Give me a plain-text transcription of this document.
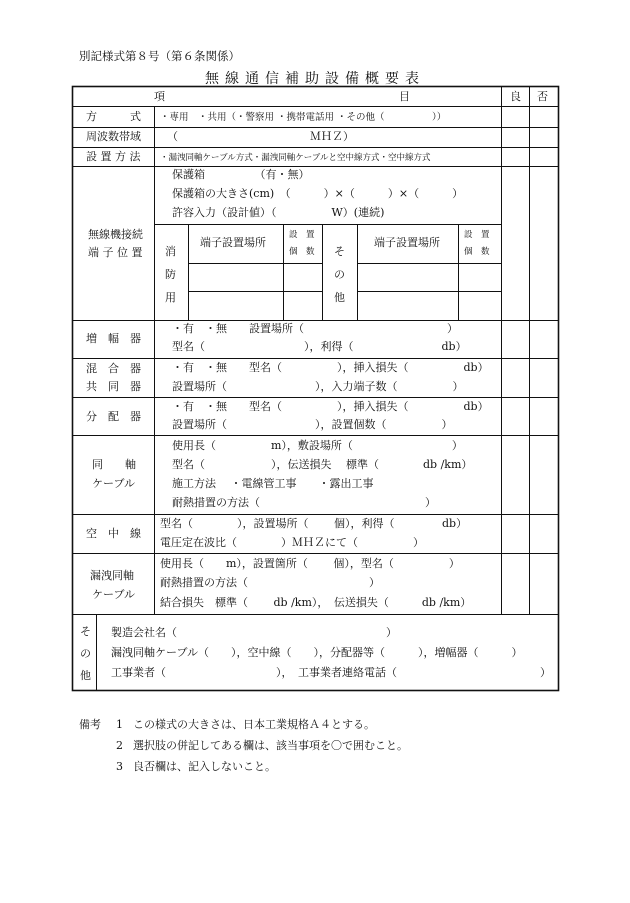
別記様式第８号（第６条関係）
無線通信補助設備概要表
項	目	良 否
方　　　式 ・専用　・共用（・警察用 ・携帯電話用 ・その他（　　　　　））
周波数帯域 （　　　　　　　　　　　　ＭＨＺ）
設 置 方 法 ・漏洩同軸ケーブル方式・漏洩同軸ケーブルと空中線方式・空中線方式
無線機接続
端 子 位 置
保護箱　　　　　（有・無）
保護箱の大きさ(cm)　（　　　）×（　　　）×（　　　）
許容入力（設計値）（　　　　　W）(連続)
消
防
用
端子設置場所
設　置
個　数 そ
の
他
端子設置場所
設　置
個　数
増　幅　器
・有　・無　　設置場所（　　　　　　　　　　　　　）
型名（　　　　　　　　　），利得（　　　　　　　　db）
混　合　器
共　同　器
・有　・無　　型名（　　　　　），挿入損失（　　　　　db）
設置場所（　　　　　　　　），入力端子数（　　　　　）
分　配　器
・有　・無　　型名（　　　　　），挿入損失（　　　　　db）
設置場所（　　　　　　　　），設置個数（　　　　　）
同　　軸
ケーブル
使用長（　　　　　m），敷設場所（　　　　　　　　　）
型名（　　　　　　），伝送損失　 標準（　　　　db /km）
施工方法　 ・電線管工事　　・露出工事
耐熱措置の方法（　　　　　　　　　　　　　　　）
空　中　線
型名（　　　　），設置場所（　　 個），利得（　　　　 db）
電圧定在波比（　　　　）ＭＨＺにて（　　　　　）
漏洩同軸
ケーブル
使用長（　　m），設置箇所（　　 個），型名（　　　　　）
耐熱措置の方法（　　　　　　　　　　　）
結合損失　標準（　　 db /km），　伝送損失（　　　db /km）
そ
の
他
製造会社名（　　　　　　　　　　　　　　　　　　　）
漏洩同軸ケーブル（　　），空中線（　　），分配器等（　　　），増幅器（　　　）
工事業者（　　　　　　　　　　），　工事業者連絡電話（　　　　　　　　　　　　　）
備考 1 この様式の大きさは、日本工業規格Ａ４とする。
2 選択肢の併記してある欄は、該当事項を〇で囲むこと。
3 良否欄は、記入しないこと。
